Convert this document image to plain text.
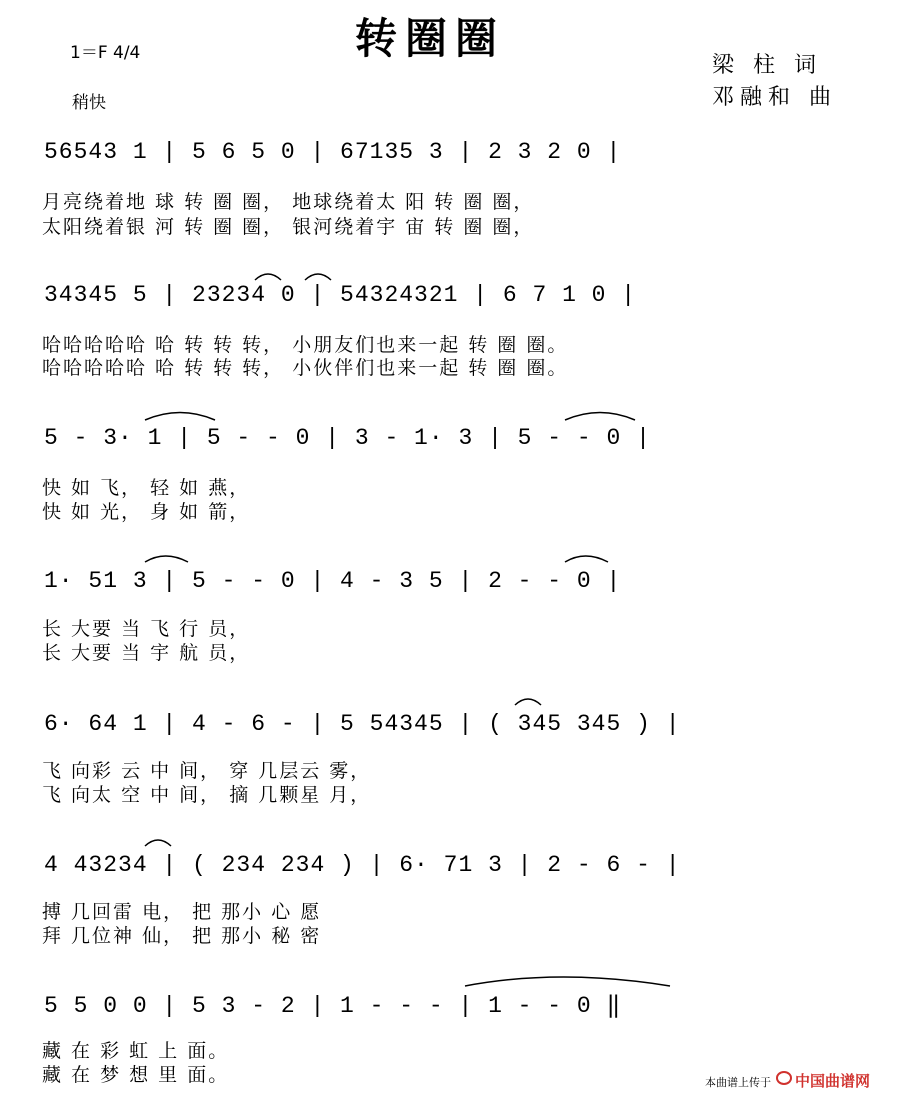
转圈圈
1＝F 4/4
稍快
梁 柱 词
邓融和 曲
56543 1 | 5 6 5 0 | 67135 3 | 2 3 2 0 |
月亮绕着地 球 转 圈 圈， 地球绕着太 阳 转 圈 圈，
太阳绕着银 河 转 圈 圈， 银河绕着宇 宙 转 圈 圈，
34345 5 | 23234 0 | 54324321 | 6 7 1 0 |
哈哈哈哈哈 哈 转 转 转， 小朋友们也来一起 转 圈 圈。
哈哈哈哈哈 哈 转 转 转， 小伙伴们也来一起 转 圈 圈。
5 - 3· 1 | 5 - - 0 | 3 - 1· 3 | 5 - - 0 |
快 如 飞， 轻 如 燕，
快 如 光， 身 如 箭，
1· 51 3 | 5 - - 0 | 4 - 3 5 | 2 - - 0 |
长 大要 当 飞 行 员，
长 大要 当 宇 航 员，
6· 64 1 | 4 - 6 - | 5 54345 | ( 345 345 ) |
飞 向彩 云 中 间， 穿 几层云 雾，
飞 向太 空 中 间， 摘 几颗星 月，
4 43234 | ( 234 234 ) | 6· 71 3 | 2 - 6 - |
搏 几回雷 电， 把 那小 心 愿
拜 几位神 仙， 把 那小 秘 密
5 5 0 0 | 5 3 - 2 | 1 - - - | 1 - - 0 ‖
藏 在 彩 虹 上 面。
藏 在 梦 想 里 面。	本曲谱上传于 中国曲谱网
